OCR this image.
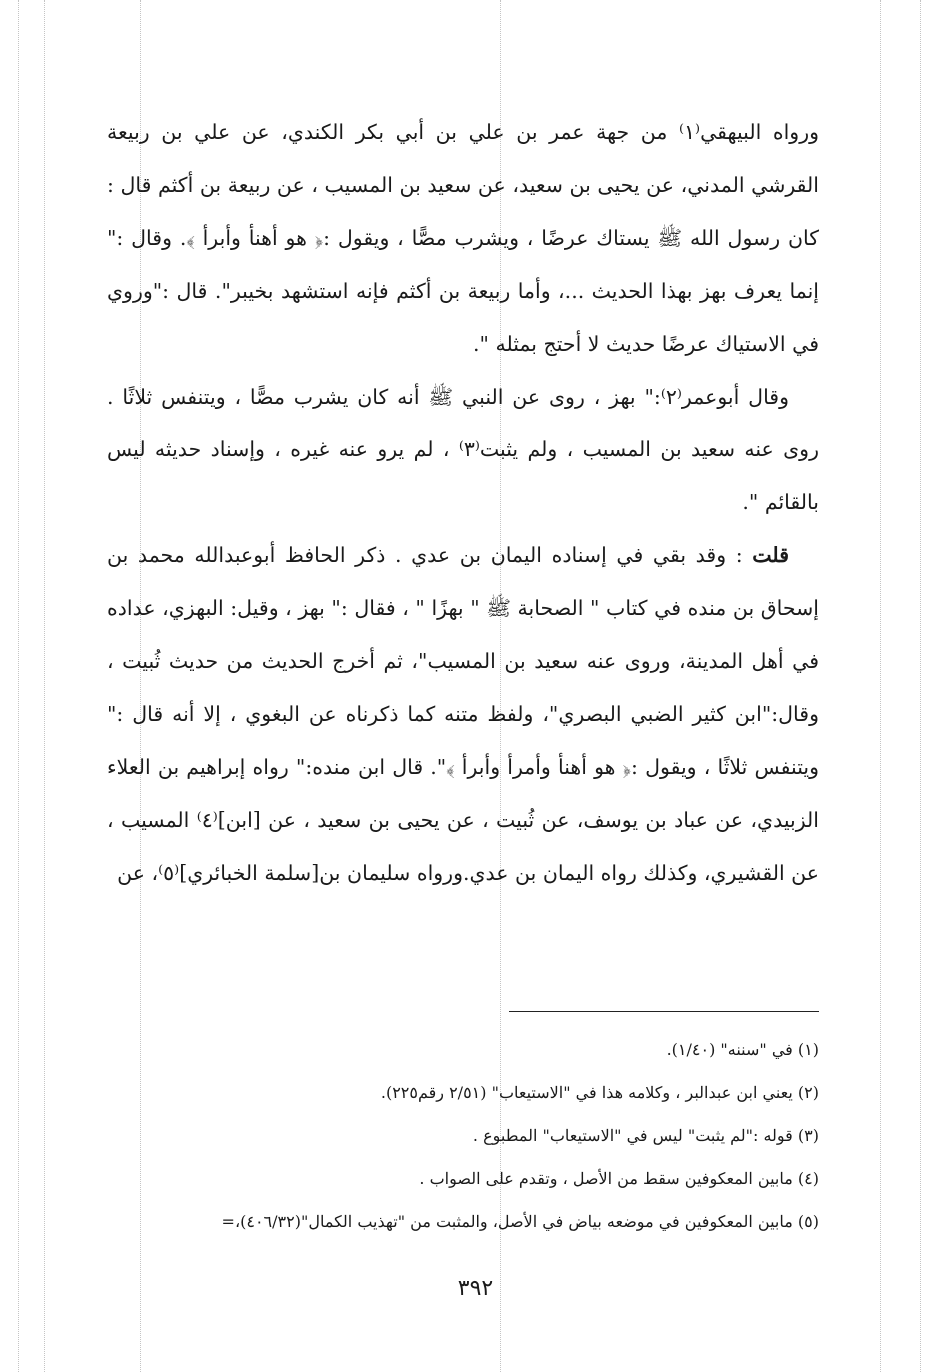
ورواه البيهقي⁽١⁾ من جهة عمر بن علي بن أبي بكر الكندي، عن علي بن ربيعة القرشي المدني، عن يحيى بن سعيد، عن سعيد بن المسيب ، عن ربيعة بن أكثم قال : كان رسول الله ﷺ يستاك عرضًا ، ويشرب مصًّا ، ويقول :﴿ هو أهنأ وأبرأ ﴾. وقال :" إنما يعرف بهز بهذا الحديث ...، وأما ربيعة بن أكثم فإنه استشهد بخيبر". قال :"وروي في الاستياك عرضًا حديث لا أحتج بمثله ".

وقال أبوعمر⁽٢⁾:" بهز ، روى عن النبي ﷺ أنه كان يشرب مصًّا ، ويتنفس ثلاثًا . روى عنه سعيد بن المسيب ، ولم يثبت⁽٣⁾ ، لم يرو عنه غيره ، وإسناد حديثه ليس بالقائم ".

قلت : وقد بقي في إسناده اليمان بن عدي . ذكر الحافظ أبوعبدالله محمد بن إسحاق بن منده في كتاب " الصحابة ﷺ " بهزًا " ، فقال :" بهز ، وقيل: البهزي، عداده في أهل المدينة، وروى عنه سعيد بن المسيب"، ثم أخرج الحديث من حديث ثُبيت ، وقال:"ابن كثير الضبي البصري"، ولفظ متنه كما ذكرناه عن البغوي ، إلا أنه قال :" ويتنفس ثلاثًا ، ويقول :﴿ هو أهنأ وأمرأ وأبرأ ﴾". قال ابن منده:" رواه إبراهيم بن العلاء الزبيدي، عن عباد بن يوسف، عن ثُبيت ، عن يحيى بن سعيد ، عن [ابن]⁽٤⁾ المسيب ، عن القشيري، وكذلك رواه اليمان بن عدي.ورواه سليمان بن[سلمة الخبائري]⁽٥⁾، عن

(١) في "سننه" (١/٤٠).

(٢) يعني ابن عبدالبر ، وكلامه هذا في "الاستيعاب" (٢/٥١ رقم٢٢٥).

(٣) قوله :"لم يثبت" ليس في "الاستيعاب" المطبوع .

(٤) مابين المعكوفين سقط من الأصل ، وتقدم على الصواب .

(٥) مابين المعكوفين في موضعه بياض في الأصل، والمثبت من "تهذيب الكمال"(٤٠٦/٣٢)،=

٣٩٢
